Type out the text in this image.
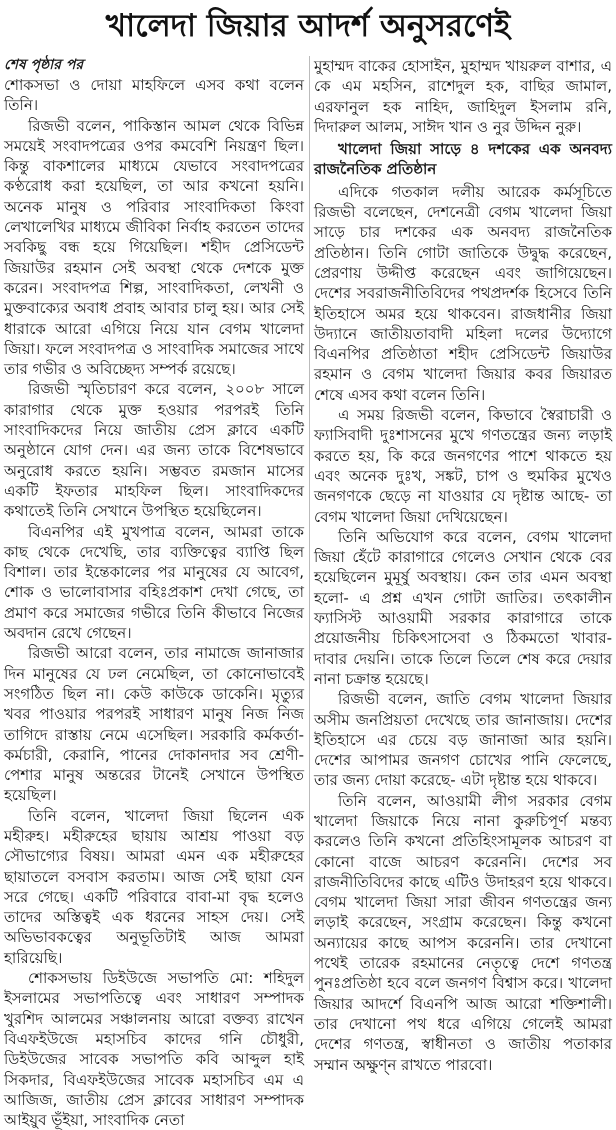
খালেদা জিয়ার আদর্শ অনুসরণেই
শেষ পৃষ্ঠার পর

শোকসভা ও দোয়া মাহফিলে এসব কথা বলেন তিনি।

রিজভী বলেন, পাকিস্তান আমল থেকে বিভিন্ন সময়েই সংবাদপত্রের ওপর কমবেশি নিয়ন্ত্রণ ছিল। কিন্তু বাকশালের মাধ্যমে যেভাবে সংবাদপত্রের কণ্ঠরোধ করা হয়েছিল, তা আর কখনো হয়নি। অনেক মানুষ ও পরিবার সাংবাদিকতা কিংবা লেখালেখির মাধ্যমে জীবিকা নির্বাহ করতেন তাদের সবকিছু বন্ধ হয়ে গিয়েছিল। শহীদ প্রেসিডেন্ট জিয়াউর রহমান সেই অবস্থা থেকে দেশকে মুক্ত করেন। সংবাদপত্র শিল্প, সাংবাদিকতা, লেখনী ও মুক্তবাক্যের অবাধ প্রবাহ আবার চালু হয়। আর সেই ধারাকে আরো এগিয়ে নিয়ে যান বেগম খালেদা জিয়া। ফলে সংবাদপত্র ও সাংবাদিক সমাজের সাথে তার গভীর ও অবিচ্ছেদ্য সম্পর্ক রয়েছে।

রিজভী স্মৃতিচারণ করে বলেন, ২০০৮ সালে কারাগার থেকে মুক্ত হওয়ার পরপরই তিনি সাংবাদিকদের নিয়ে জাতীয় প্রেস ক্লাবে একটি অনুষ্ঠানে যোগ দেন। এর জন্য তাকে বিশেষভাবে অনুরোধ করতে হয়নি। সম্ভবত রমজান মাসের একটি ইফতার মাহফিল ছিল। সাংবাদিকদের কথাতেই তিনি সেখানে উপস্থিত হয়েছিলেন।

বিএনপির এই মুখপাত্র বলেন, আমরা তাকে কাছ থেকে দেখেছি, তার ব্যক্তিত্বের ব্যাপ্তি ছিল বিশাল। তার ইন্তেকালের পর মানুষের যে আবেগ, শোক ও ভালোবাসার বহিঃপ্রকাশ দেখা গেছে, তা প্রমাণ করে সমাজের গভীরে তিনি কীভাবে নিজের অবদান রেখে গেছেন।

রিজভী আরো বলেন, তার নামাজে জানাজার দিন মানুষের যে ঢল নেমেছিল, তা কোনোভাবেই সংগঠিত ছিল না। কেউ কাউকে ডাকেনি। মৃত্যুর খবর পাওয়ার পরপরই সাধারণ মানুষ নিজ নিজ তাগিদে রাস্তায় নেমে এসেছিল। সরকারি কর্মকর্তা-কর্মচারী, কেরানি, পানের দোকানদার সব শ্রেণী-পেশার মানুষ অন্তরের টানেই সেখানে উপস্থিত হয়েছিল।

তিনি বলেন, খালেদা জিয়া ছিলেন এক মহীরুহ। মহীরুহের ছায়ায় আশ্রয় পাওয়া বড় সৌভাগ্যের বিষয়। আমরা এমন এক মহীরুহের ছায়াতলে বসবাস করতাম। আজ সেই ছায়া যেন সরে গেছে। একটি পরিবারে বাবা-মা বৃদ্ধ হলেও তাদের অস্তিত্বই এক ধরনের সাহস দেয়। সেই অভিভাবকত্বের অনুভূতিটাই আজ আমরা হারিয়েছি।

শোকসভায় ডিইউজে সভাপতি মো: শহিদুল ইসলামের সভাপতিত্বে এবং সাধারণ সম্পাদক খুরশিদ আলমের সঞ্চালনায় আরো বক্তব্য রাখেন বিএফইউজে মহাসচিব কাদের গনি চৌধুরী, ডিইউজের সাবেক সভাপতি কবি আব্দুল হাই সিকদার, বিএফইউজের সাবেক মহাসচিব এম এ আজিজ, জাতীয় প্রেস ক্লাবের সাধারণ সম্পাদক আইয়ুব ভূঁইয়া, সাংবাদিক নেতা

মুহাম্মদ বাকের হোসাইন, মুহাম্মদ খায়রুল বাশার, এ কে এম মহসিন, রাশেদুল হক, বাছির জামাল, এরফানুল হক নাহিদ, জাহিদুল ইসলাম রনি, দিদারুল আলম, সাঈদ খান ও নুর উদ্দিন নুরু।

খালেদা জিয়া সাড়ে ৪ দশকের এক অনবদ্য রাজনৈতিক প্রতিষ্ঠান

এদিকে গতকাল দলীয় আরেক কর্মসূচিতে রিজভী বলেছেন, দেশনেত্রী বেগম খালেদা জিয়া সাড়ে চার দশকের এক অনবদ্য রাজনৈতিক প্রতিষ্ঠান। তিনি গোটা জাতিকে উদ্বুদ্ধ করেছেন, প্রেরণায় উদ্দীপ্ত করেছেন এবং জাগিয়েছেন। দেশের সবরাজনীতিবিদের পথপ্রদর্শক হিসেবে তিনি ইতিহাসে অমর হয়ে থাকবেন। রাজধানীর জিয়া উদ্যানে জাতীয়তাবাদী মহিলা দলের উদ্যোগে বিএনপির প্রতিষ্ঠাতা শহীদ প্রেসিডেন্ট জিয়াউর রহমান ও বেগম খালেদা জিয়ার কবর জিয়ারত শেষে এসব কথা বলেন তিনি।

এ সময় রিজভী বলেন, কিভাবে স্বৈরাচারী ও ফ্যাসিবাদী দুঃশাসনের মুখে গণতন্ত্রের জন্য লড়াই করতে হয়, কি করে জনগণের পাশে থাকতে হয় এবং অনেক দুঃখ, সঙ্কট, চাপ ও হুমকির মুখেও জনগণকে ছেড়ে না যাওয়ার যে দৃষ্টান্ত আছে- তা বেগম খালেদা জিয়া দেখিয়েছেন।

তিনি অভিযোগ করে বলেন, বেগম খালেদা জিয়া হেঁটে কারাগারে গেলেও সেখান থেকে বের হয়েছিলেন মুমূর্ষু অবস্থায়। কেন তার এমন অবস্থা হলো- এ প্রশ্ন এখন গোটা জাতির। তৎকালীন ফ্যাসিস্ট আওয়ামী সরকার কারাগারে তাকে প্রয়োজনীয় চিকিৎসাসেবা ও ঠিকমতো খাবার-দাবার দেয়নি। তাকে তিলে তিলে শেষ করে দেয়ার নানা চক্রান্ত হয়েছে।

রিজভী বলেন, জাতি বেগম খালেদা জিয়ার অসীম জনপ্রিয়তা দেখেছে তার জানাজায়। দেশের ইতিহাসে এর চেয়ে বড় জানাজা আর হয়নি। দেশের আপামর জনগণ চোখের পানি ফেলেছে, তার জন্য দোয়া করেছে- এটা দৃষ্টান্ত হয়ে থাকবে।

তিনি বলেন, আওয়ামী লীগ সরকার বেগম খালেদা জিয়াকে নিয়ে নানা কুরুচিপূর্ণ মন্তব্য করলেও তিনি কখনো প্রতিহিংসামূলক আচরণ বা কোনো বাজে আচরণ করেননি। দেশের সব রাজনীতিবিদের কাছে এটিও উদাহরণ হয়ে থাকবে। বেগম খালেদা জিয়া সারা জীবন গণতন্ত্রের জন্য লড়াই করেছেন, সংগ্রাম করেছেন। কিন্তু কখনো অন্যায়ের কাছে আপস করেননি। তার দেখানো পথেই তারেক রহমানের নেতৃত্বে দেশে গণতন্ত্র পুনঃপ্রতিষ্ঠা হবে বলে জনগণ বিশ্বাস করে। খালেদা জিয়ার আদর্শে বিএনপি আজ আরো শক্তিশালী। তার দেখানো পথ ধরে এগিয়ে গেলেই আমরা দেশের গণতন্ত্র, স্বাধীনতা ও জাতীয় পতাকার সম্মান অক্ষুণ্ন রাখতে পারবো।
